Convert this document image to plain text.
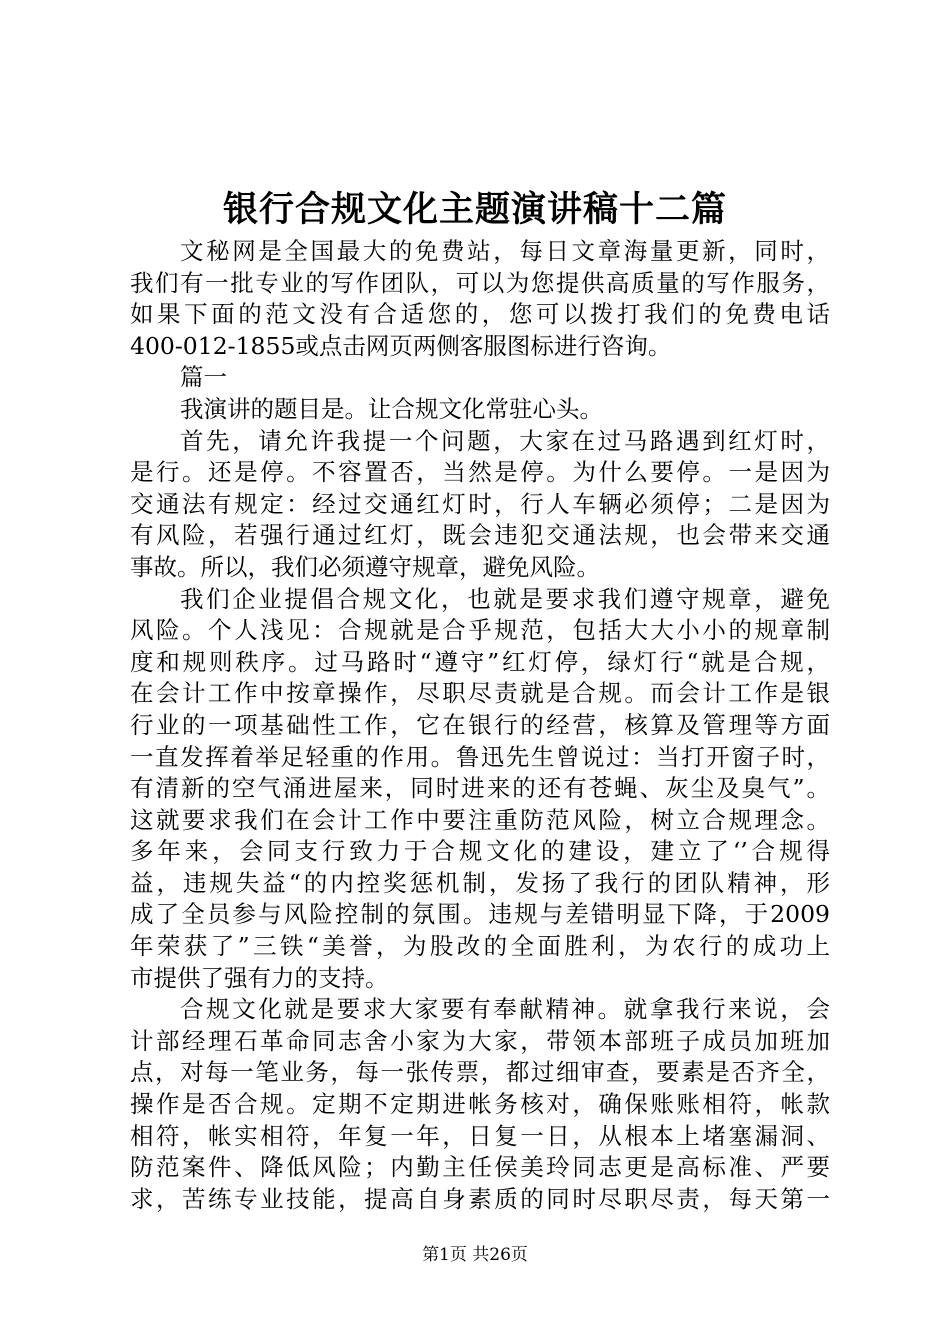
银行合规文化主题演讲稿十二篇
文秘网是全国最大的免费站，每日文章海量更新，同时，
我们有一批专业的写作团队，可以为您提供高质量的写作服务，
如果下面的范文没有合适您的，您可以拨打我们的免费电话
400-012-1855或点击网页两侧客服图标进行咨询。
篇一
我演讲的题目是。让合规文化常驻心头。
首先，请允许我提一个问题，大家在过马路遇到红灯时，
是行。还是停。不容置否，当然是停。为什么要停。一是因为
交通法有规定：经过交通红灯时，行人车辆必须停；二是因为
有风险，若强行通过红灯，既会违犯交通法规，也会带来交通
事故。所以，我们必须遵守规章，避免风险。
我们企业提倡合规文化，也就是要求我们遵守规章，避免
风险。个人浅见：合规就是合乎规范，包括大大小小的规章制
度和规则秩序。过马路时“遵守”红灯停，绿灯行“就是合规，
在会计工作中按章操作，尽职尽责就是合规。而会计工作是银
行业的一项基础性工作，它在银行的经营，核算及管理等方面
一直发挥着举足轻重的作用。鲁迅先生曾说过：当打开窗子时，
有清新的空气涌进屋来，同时进来的还有苍蝇、灰尘及臭气”。
这就要求我们在会计工作中要注重防范风险，树立合规理念。
多年来，会同支行致力于合规文化的建设，建立了‘’合规得
益，违规失益“的内控奖惩机制，发扬了我行的团队精神，形
成了全员参与风险控制的氛围。违规与差错明显下降，于2009
年荣获了”三铁“美誉，为股改的全面胜利，为农行的成功上
市提供了强有力的支持。
合规文化就是要求大家要有奉献精神。就拿我行来说，会
计部经理石革命同志舍小家为大家，带领本部班子成员加班加
点，对每一笔业务，每一张传票，都过细审查，要素是否齐全，
操作是否合规。定期不定期进帐务核对，确保账账相符，帐款
相符，帐实相符，年复一年，日复一日，从根本上堵塞漏洞、
防范案件、降低风险；内勤主任侯美玲同志更是高标准、严要
求，苦练专业技能，提高自身素质的同时尽职尽责，每天第一
第1页 共26页
